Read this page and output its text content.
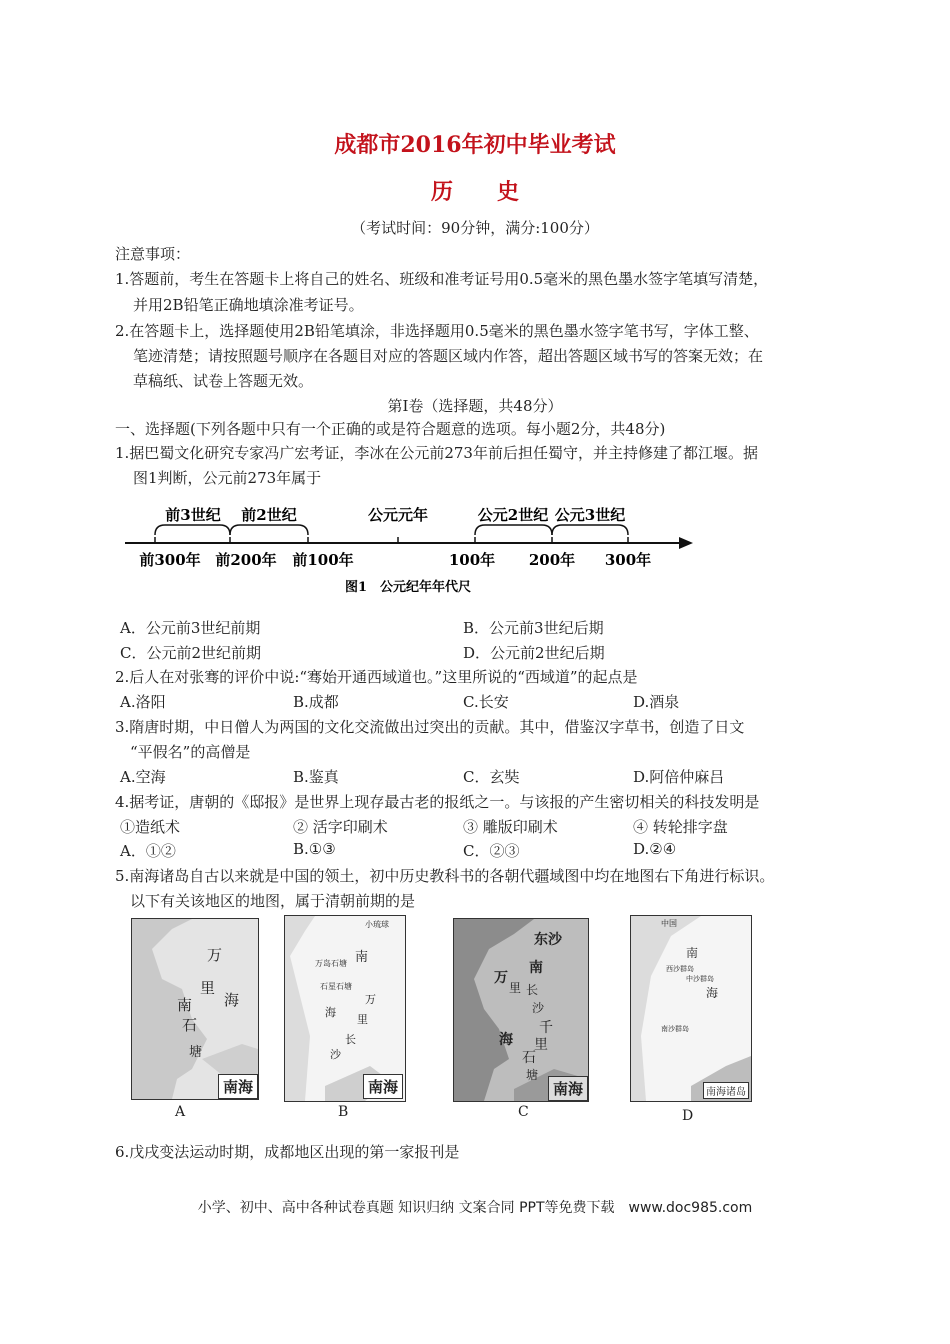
成都市2016年初中毕业考试
历　　史
（考试时间：90分钟，满分:100分）
注意事项：
1.答题前，考生在答题卡上将自己的姓名、班级和准考证号用0.5毫米的黑色墨水签字笔填写清楚，
并用2B铅笔正确地填涂准考证号。
2.在答题卡上，选择题使用2B铅笔填涂，非选择题用0.5毫米的黑色墨水签字笔书写，字体工整、
笔迹清楚；请按照题号顺序在各题目对应的答题区域内作答，超出答题区域书写的答案无效；在
草稿纸、试卷上答题无效。
第Ⅰ卷（选择题，共48分）
一、选择题(下列各题中只有一个正确的或是符合题意的选项。每小题2分，共48分)
1.据巴蜀文化研究专家冯广宏考证，李冰在公元前273年前后担任蜀守，并主持修建了都江堰。据
图1判断，公元前273年属于
前3世纪 前2世纪	公元元年	公元2世纪 公元3世纪
前300年 前200年 前100年	100年 200年 300年
图1　公元纪年年代尺
A．公元前3世纪前期	B．公元前3世纪后期
C．公元前2世纪前期	D．公元前2世纪后期
2.后人在对张骞的评价中说:“骞始开通西域道也。”这里所说的“西域道”的起点是
A.洛阳	B.成都	C.长安	D.酒泉
3.隋唐时期，中日僧人为两国的文化交流做出过突出的贡献。其中，借鉴汉字草书，创造了日文
“平假名”的高僧是
A.空海	B.鉴真	C．玄奘	D.阿倍仲麻吕
4.据考证，唐朝的《邸报》是世界上现存最古老的报纸之一。与该报的产生密切相关的科技发明是
①造纸术	② 活字印刷术	③ 雕版印刷术	④ 转轮排字盘
A．①②	B.①③	C．②③	D.②④
5.南海诸岛自古以来就是中国的领土，初中历史教科书的各朝代疆域图中均在地图右下角进行标识。
以下有关该地区的地图，属于清朝前期的是
万
里
海
南
石
塘
南海
A
小琉球
南
万岛石塘
石星石塘
万
里
海
长
沙
南海
B
东沙
南
万
里 长
沙
千
里
石
塘
海
南海
C
中国
南
海
西沙群岛
中沙群岛
南沙群岛
南海诸岛
D
6.戊戌变法运动时期，成都地区出现的第一家报刊是
小学、初中、高中各种试卷真题 知识归纳 文案合同 PPT等免费下载　www.doc985.com
